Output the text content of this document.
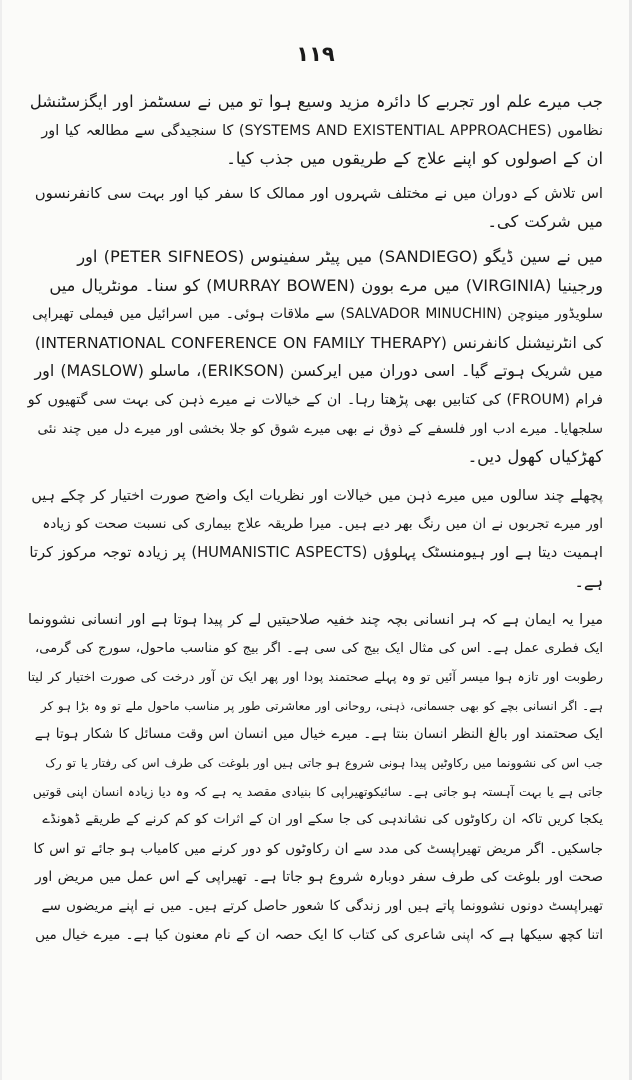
۱۱۹
جب میرے علم اور تجربے کا دائرہ مزید وسیع ہوا تو میں نے سسٹمز اور ایگزسٹنشل
نظاموں (SYSTEMS AND EXISTENTIAL APPROACHES) کا سنجیدگی سے مطالعہ کیا اور
ان کے اصولوں کو اپنے علاج کے طریقوں میں جذب کیا۔
اس تلاش کے دوران میں نے مختلف شہروں اور ممالک کا سفر کیا اور بہت سی کانفرنسوں
میں شرکت کی۔
میں نے سین ڈیگو (SANDIEGO) میں پیٹر سفینوس (PETER SIFNEOS) اور
ورجینیا (VIRGINIA) میں مرے بوون (MURRAY BOWEN) کو سنا۔ مونٹریال میں
سلویڈور مینوچن (SALVADOR MINUCHIN) سے ملاقات ہوئی۔ میں اسرائیل میں فیملی تھیراپی
کی انٹرنیشنل کانفرنس (INTERNATIONAL CONFERENCE ON FAMILY THERAPY)
میں شریک ہوتے گیا۔ اسی دوران میں ایرکسن (ERIKSON)، ماسلو (MASLOW) اور
فرام (FROUM) کی کتابیں بھی پڑھتا رہا۔ ان کے خیالات نے میرے ذہن کی بہت سی گتھیوں کو
سلجھایا۔ میرے ادب اور فلسفے کے ذوق نے بھی میرے شوق کو جلا بخشی اور میرے دل میں چند نئی
کھڑکیاں کھول دیں۔
پچھلے چند سالوں میں میرے ذہن میں خیالات اور نظریات ایک واضح صورت اختیار کر چکے ہیں
اور میرے تجربوں نے ان میں رنگ بھر دیے ہیں۔ میرا طریقہ علاج بیماری کی نسبت صحت کو زیادہ
اہمیت دیتا ہے اور ہیومنسٹک پہلوؤں (HUMANISTIC ASPECTS) پر زیادہ توجہ مرکوز کرتا
ہے۔
میرا یہ ایمان ہے کہ ہر انسانی بچہ چند خفیہ صلاحیتیں لے کر پیدا ہوتا ہے اور انسانی نشوونما
ایک فطری عمل ہے۔ اس کی مثال ایک بیج کی سی ہے۔ اگر بیج کو مناسب ماحول، سورج کی گرمی،
رطوبت اور تازہ ہوا میسر آئیں تو وہ پہلے صحتمند پودا اور پھر ایک تن آور درخت کی صورت اختیار کر لیتا
ہے۔ اگر انسانی بچے کو بھی جسمانی، ذہنی، روحانی اور معاشرتی طور پر مناسب ماحول ملے تو وہ بڑا ہو کر
ایک صحتمند اور بالغ النظر انسان بنتا ہے۔ میرے خیال میں انسان اس وقت مسائل کا شکار ہوتا ہے
جب اس کی نشوونما میں رکاوٹیں پیدا ہونی شروع ہو جاتی ہیں اور بلوغت کی طرف اس کی رفتار یا تو رک
جاتی ہے یا بہت آہستہ ہو جاتی ہے۔ سائیکوتھیراپی کا بنیادی مقصد یہ ہے کہ وہ دیا زیادہ انسان اپنی قوتیں
یکجا کریں تاکہ ان رکاوٹوں کی نشاندہی کی جا سکے اور ان کے اثرات کو کم کرنے کے طریقے ڈھونڈے
جاسکیں۔ اگر مریض تھیراپسٹ کی مدد سے ان رکاوٹوں کو دور کرنے میں کامیاب ہو جائے تو اس کا
صحت اور بلوغت کی طرف سفر دوبارہ شروع ہو جاتا ہے۔ تھیراپی کے اس عمل میں مریض اور
تھیراپسٹ دونوں نشوونما پاتے ہیں اور زندگی کا شعور حاصل کرتے ہیں۔ میں نے اپنے مریضوں سے
اتنا کچھ سیکھا ہے کہ اپنی شاعری کی کتاب کا ایک حصہ ان کے نام معنون کیا ہے۔ میرے خیال میں
